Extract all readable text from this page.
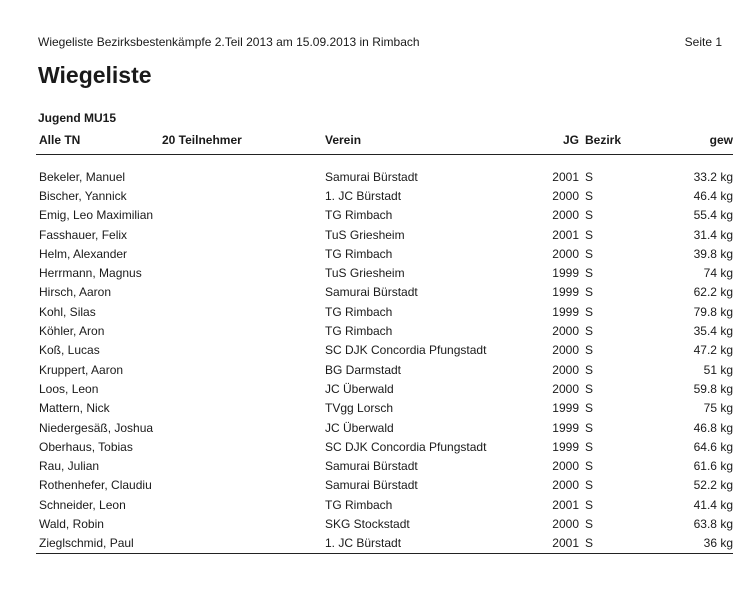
Wiegeliste Bezirksbestenkämpfe 2.Teil 2013 am 15.09.2013 in Rimbach	Seite 1
Wiegeliste
Jugend MU15
Alle TN	20 Teilnehmer	Verein	JG	Bezirk	gew

Bekeler, Manuel		Samurai Bürstadt	2001	S	33.2 kg
Bischer, Yannick		1. JC Bürstadt	2000	S	46.4 kg
Emig, Leo Maximilian		TG Rimbach	2000	S	55.4 kg
Fasshauer, Felix		TuS Griesheim	2001	S	31.4 kg
Helm, Alexander		TG Rimbach	2000	S	39.8 kg
Herrmann, Magnus		TuS Griesheim	1999	S	74 kg
Hirsch, Aaron		Samurai Bürstadt	1999	S	62.2 kg
Kohl, Silas		TG Rimbach	1999	S	79.8 kg
Köhler, Aron		TG Rimbach	2000	S	35.4 kg
Koß, Lucas		SC DJK Concordia Pfungstadt	2000	S	47.2 kg
Kruppert, Aaron		BG Darmstadt	2000	S	51 kg
Loos, Leon		JC Überwald	2000	S	59.8 kg
Mattern, Nick		TVgg Lorsch	1999	S	75 kg
Niedergesäß, Joshua		JC Überwald	1999	S	46.8 kg
Oberhaus, Tobias		SC DJK Concordia Pfungstadt	1999	S	64.6 kg
Rau, Julian		Samurai Bürstadt	2000	S	61.6 kg
Rothenhefer, Claudiu		Samurai Bürstadt	2000	S	52.2 kg
Schneider, Leon		TG Rimbach	2001	S	41.4 kg
Wald, Robin		SKG Stockstadt	2000	S	63.8 kg
Zieglschmid, Paul		1. JC Bürstadt	2001	S	36 kg
